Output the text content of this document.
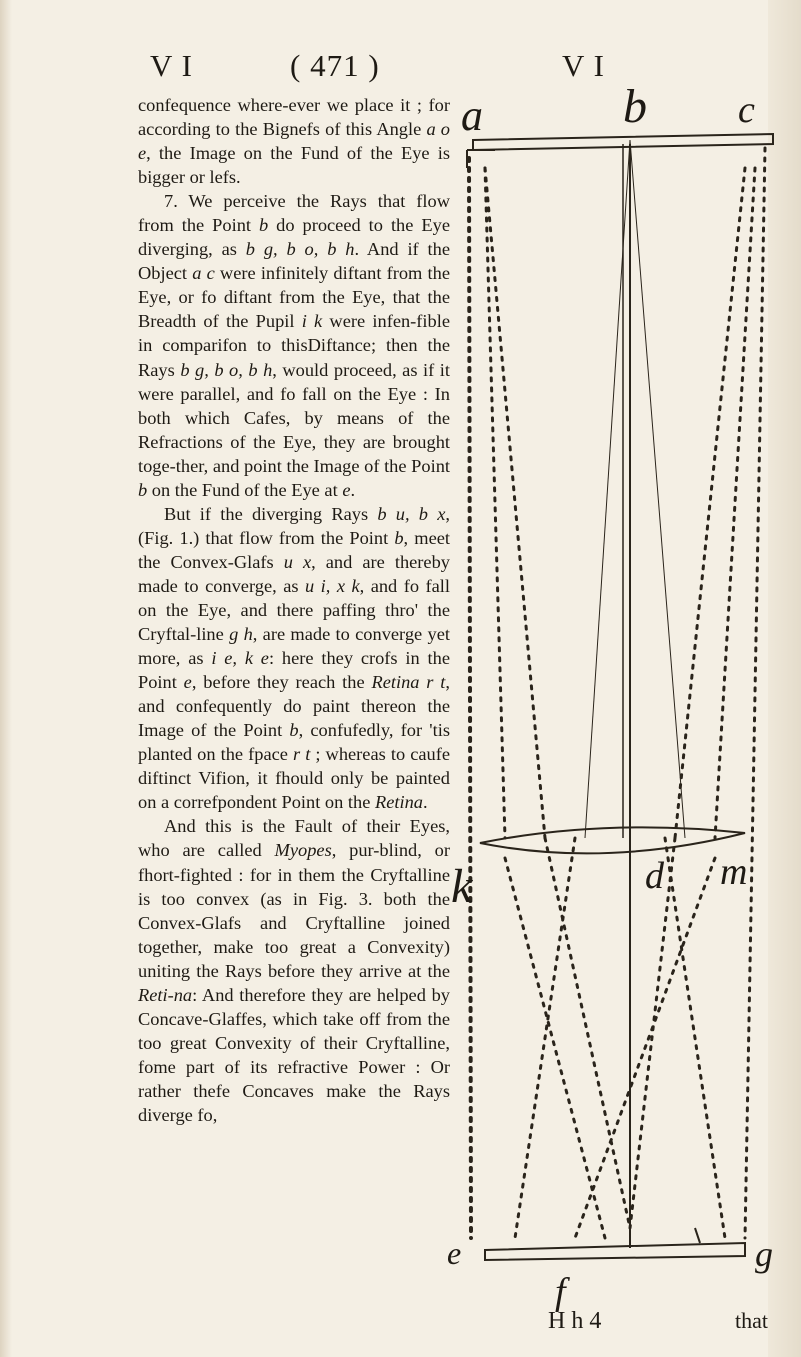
V I	( 471 )	V I

confequence where-ever we place it ; for according to the Bignefs of this Angle a o e, the Image on the Fund of the Eye is bigger or lefs.

7. We perceive the Rays that flow from the Point b do proceed to the Eye diverging, as b g, b o, b h. And if the Object a c were infinitely diftant from the Eye, or fo diftant from the Eye, that the Breadth of the Pupil i k were infen-fible in comparifon to thisDiftance; then the Rays b g, b o, b h, would proceed, as if it were parallel, and fo fall on the Eye : In both which Cafes, by means of the Refractions of the Eye, they are brought toge-ther, and point the Image of the Point b on the Fund of the Eye at e.

But if the diverging Rays b u, b x, (Fig. 1.) that flow from the Point b, meet the Convex-Glafs u x, and are thereby made to converge, as u i, x k, and fo fall on the Eye, and there paffing thro' the Cryftal-line g h, are made to converge yet more, as i e, k e: here they crofs in the Point e, before they reach the Retina r t, and confequently do paint thereon the Image of the Point b, confufedly, for 'tis planted on the fpace r t ; whereas to caufe diftinct Vifion, it fhould only be painted on a correfpondent Point on the Retina.

And this is the Fault of their Eyes, who are called Myopes, pur-blind, or fhort-fighted : for in them the Cryftalline is too convex (as in Fig. 3. both the Convex-Glafs and Cryftalline joined together, make too great a Convexity) uniting the Rays before they arrive at the Reti-na: And therefore they are helped by Concave-Glaffes, which take off from the too great Convexity of their Cryftalline, fome part of its refractive Power : Or rather thefe Concaves make the Rays diverge fo,

a	b c
d
k	m
e
f
g
H h 4	that
